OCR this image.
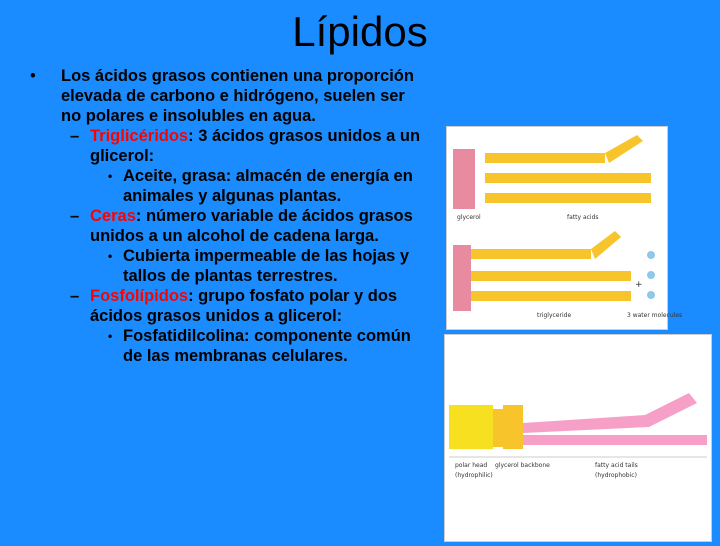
Lípidos
• Los ácidos grasos contienen una proporción elevada de carbono e hidrógeno, suelen ser no polares e insolubles en agua.
– Triglicéridos: 3 ácidos grasos unidos a un glicerol:
• Aceite, grasa: almacén de energía en animales y algunas plantas.
– Ceras: número variable de ácidos grasos unidos a un alcohol de cadena larga.
• Cubierta impermeable de las hojas y tallos de plantas terrestres.
– Fosfolípidos: grupo fosfato polar y dos ácidos grasos unidos a glicerol:
• Fosfatidilcolina: componente común de las membranas celulares.
glycerol	fatty acids
+
triglyceride	3 water molecules
polar head
(hydrophilic)
glycerol backbone	fatty acid tails
(hydrophobic)
